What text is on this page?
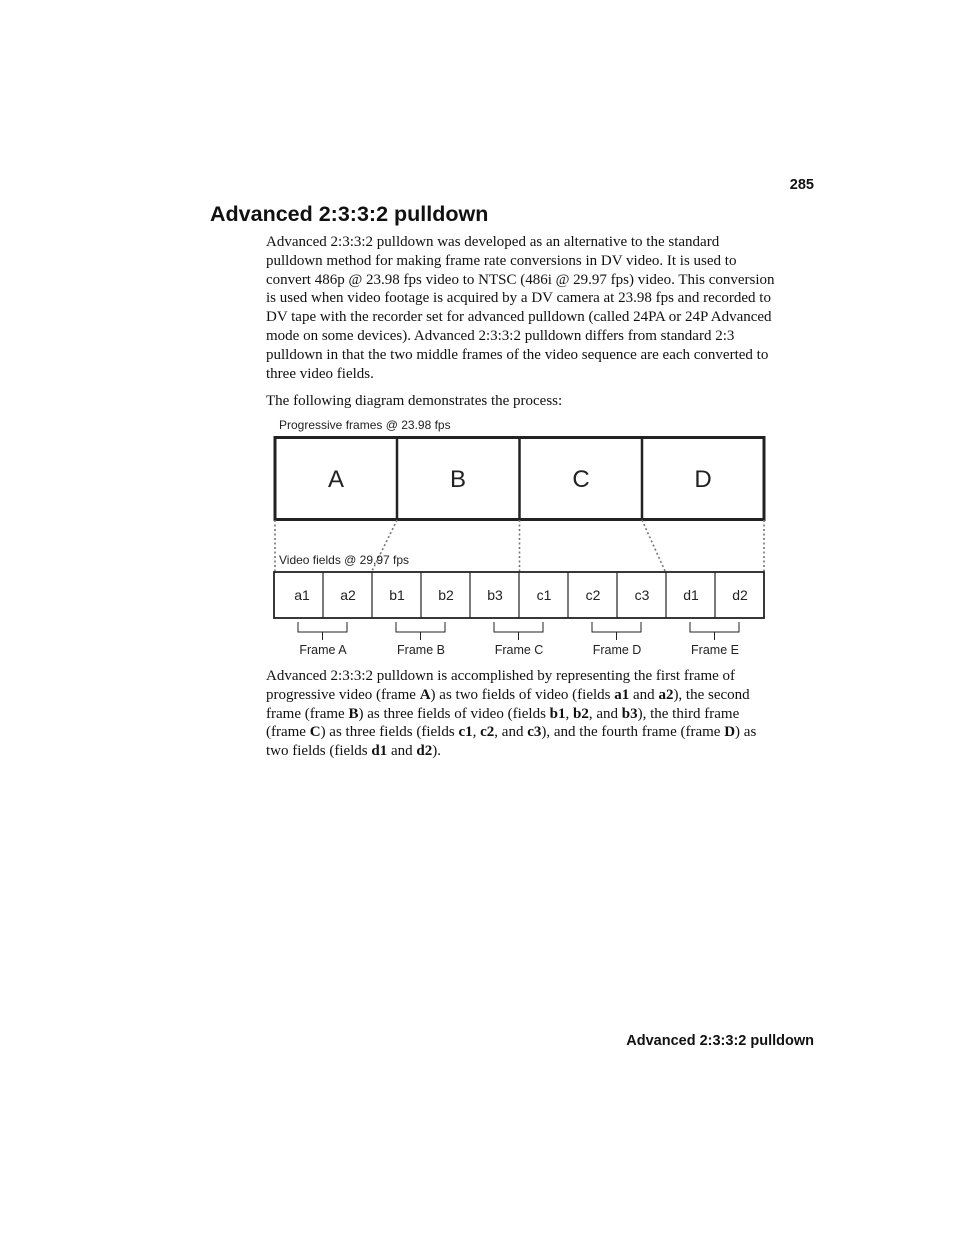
285
Advanced 2:3:3:2 pulldown

Advanced 2:3:3:2 pulldown was developed as an alternative to the standard pulldown method for making frame rate conversions in DV video. It is used to convert 486p @ 23.98 fps video to NTSC (486i @ 29.97 fps) video. This conversion is used when video footage is acquired by a DV camera at 23.98 fps and recorded to DV tape with the recorder set for advanced pulldown (called 24PA or 24P Advanced mode on some devices). Advanced 2:3:3:2 pulldown differs from standard 2:3 pulldown in that the two middle frames of the video sequence are each converted to three video fields.

The following diagram demonstrates the process:

Progressive frames @ 23.98 fps
A	B	C	D
Video fields @ 29.97 fps
a1 a2 b1 b2 b3 c1 c2 c3 d1 d2
Frame A	Frame B	Frame C	Frame D	Frame E

Advanced 2:3:3:2 pulldown is accomplished by representing the first frame of progressive video (frame A) as two fields of video (fields a1 and a2), the second frame (frame B) as three fields of video (fields b1, b2, and b3), the third frame (frame C) as three fields (fields c1, c2, and c3), and the fourth frame (frame D) as two fields (fields d1 and d2).

Advanced 2:3:3:2 pulldown
